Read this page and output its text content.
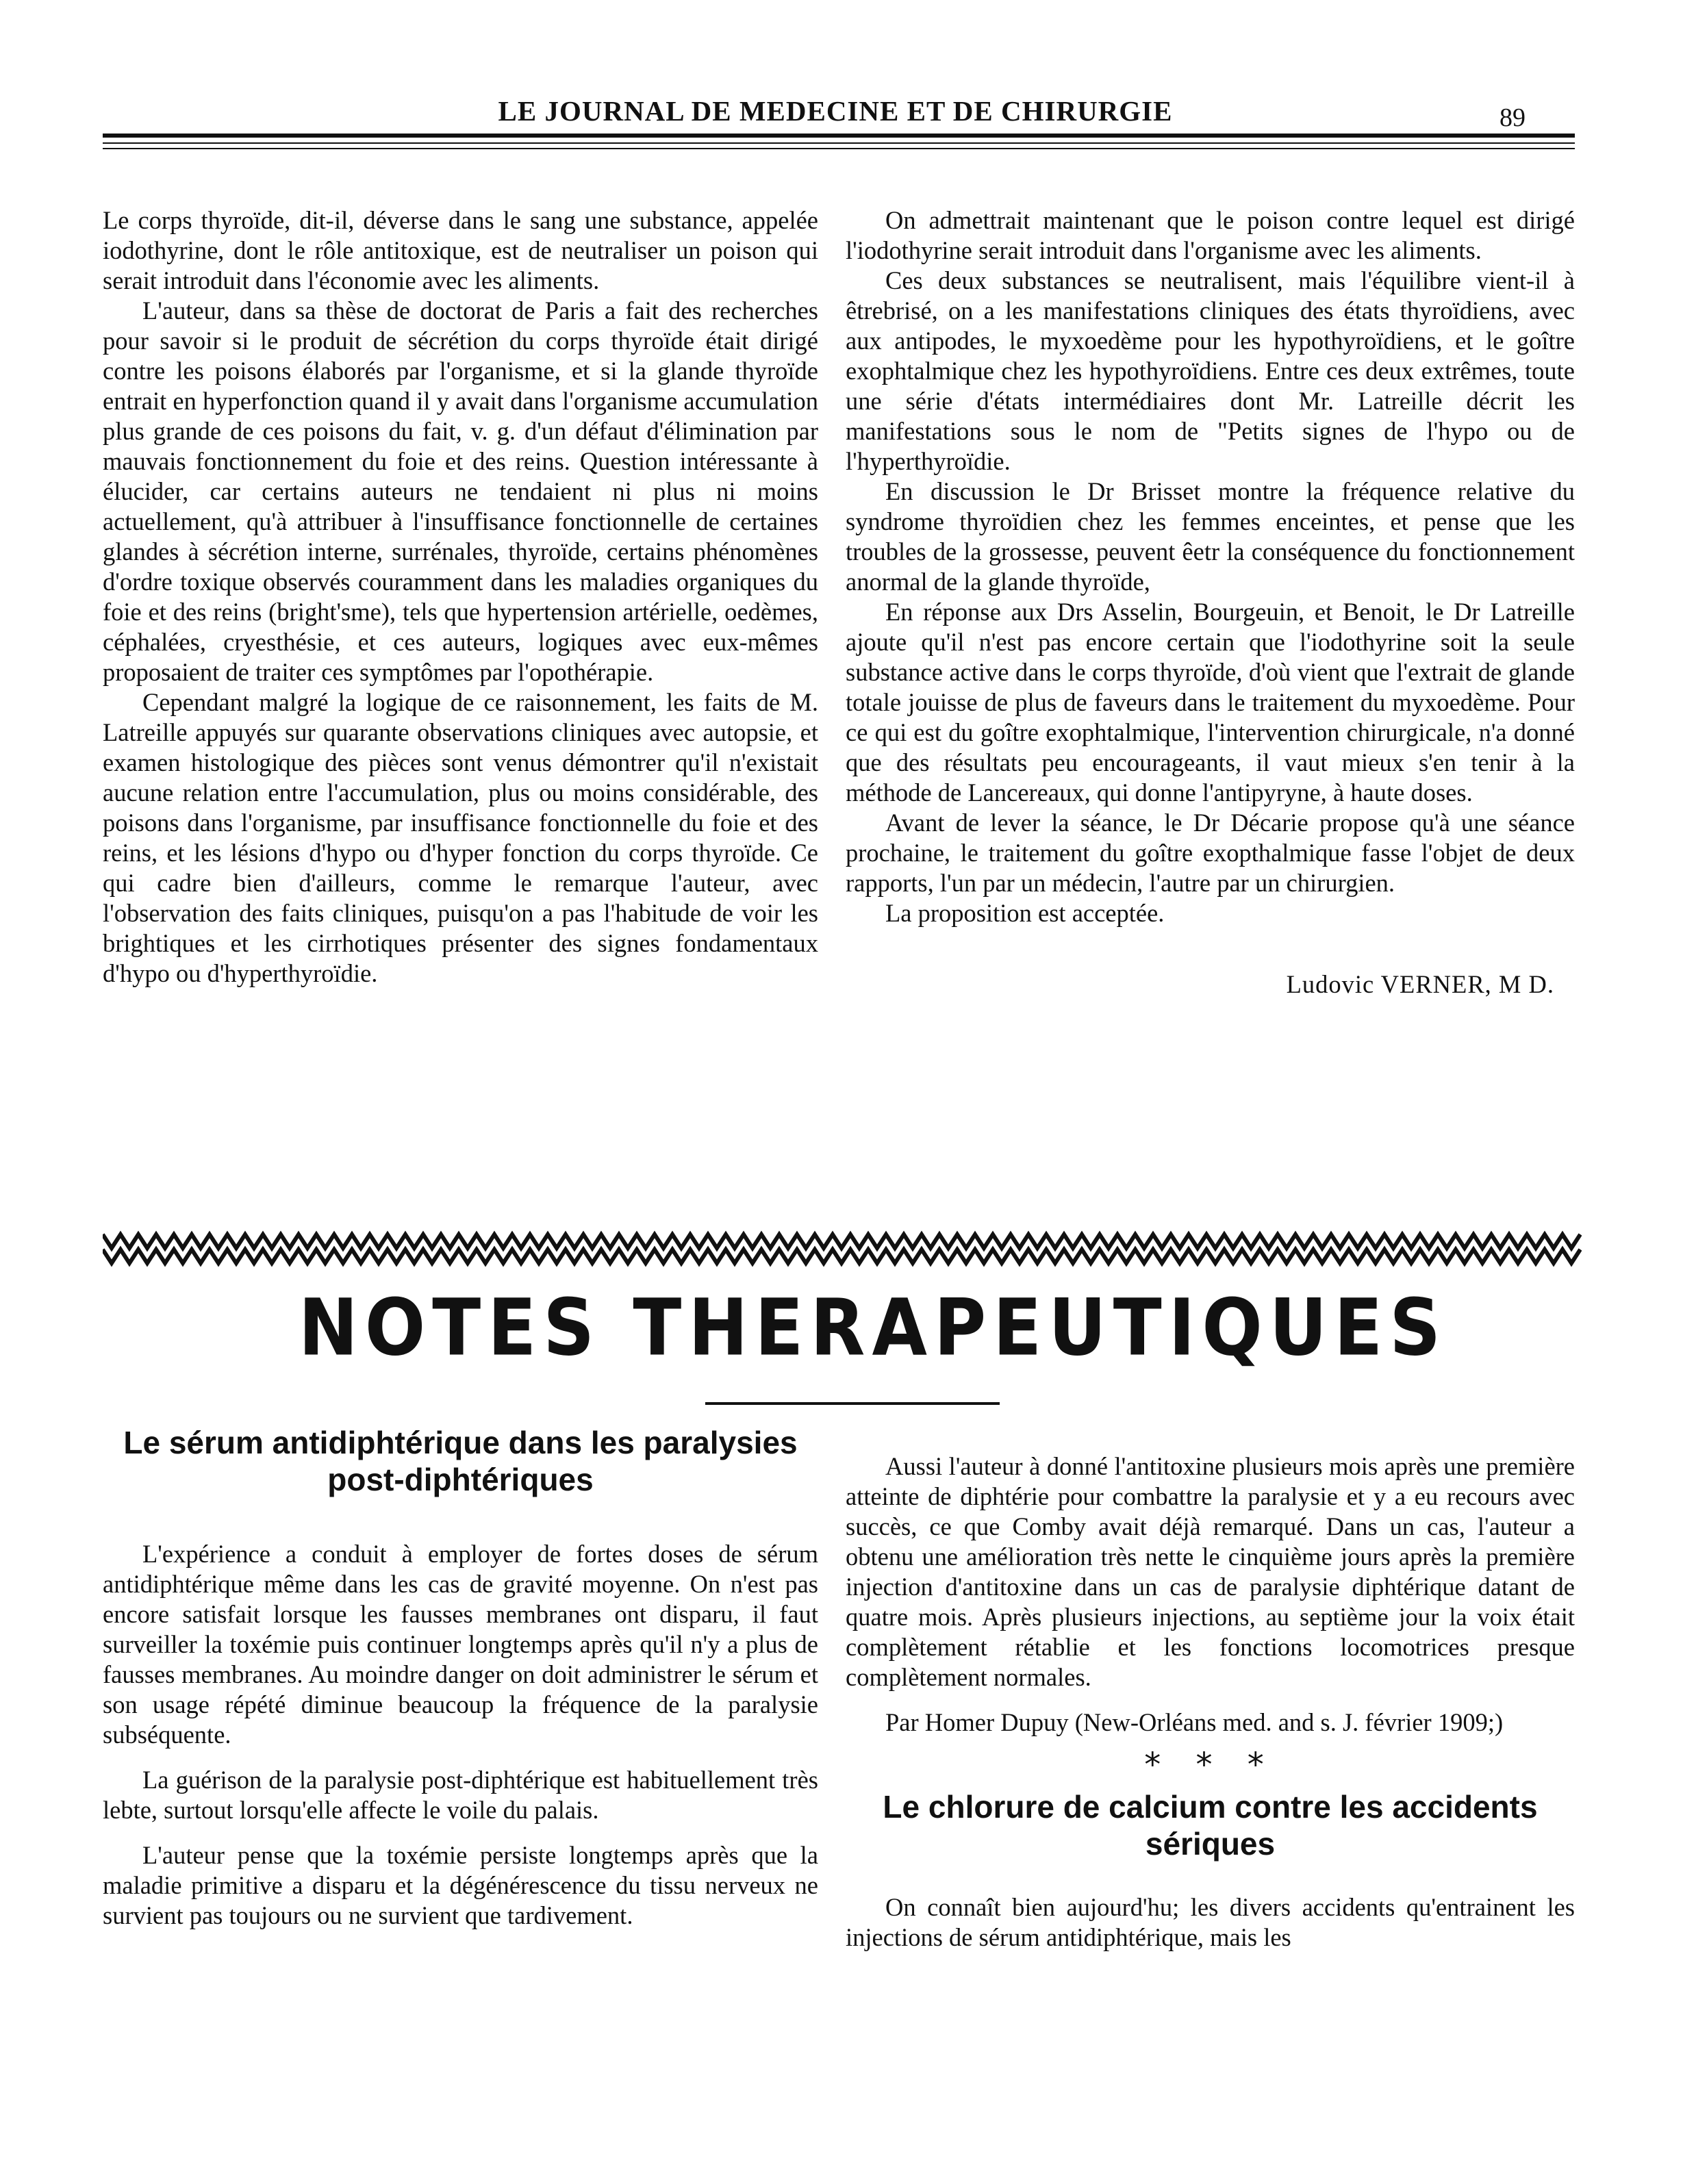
LE JOURNAL DE MEDECINE ET DE CHIRURGIE	89

Le corps thyroïde, dit-il, déverse dans le sang une substance, appelée iodothyrine, dont le rôle antitoxique, est de neutraliser un poison qui serait introduit dans l'économie avec les aliments.

L'auteur, dans sa thèse de doctorat de Paris a fait des recherches pour savoir si le produit de sécrétion du corps thyroïde était dirigé contre les poisons élaborés par l'organisme, et si la glande thyroïde entrait en hyperfonction quand il y avait dans l'organisme accumulation plus grande de ces poisons du fait, v. g. d'un défaut d'élimination par mauvais fonctionnement du foie et des reins. Question intéressante à élucider, car certains auteurs ne tendaient ni plus ni moins actuellement, qu'à attribuer à l'insuffisance fonctionnelle de certaines glandes à sécrétion interne, surrénales, thyroïde, certains phénomènes d'ordre toxique observés couramment dans les maladies organiques du foie et des reins (bright'sme), tels que hypertension artérielle, oedèmes, céphalées, cryesthésie, et ces auteurs, logiques avec eux-mêmes proposaient de traiter ces symptômes par l'opothérapie.

Cependant malgré la logique de ce raisonnement, les faits de M. Latreille appuyés sur quarante observations cliniques avec autopsie, et examen histologique des pièces sont venus démontrer qu'il n'existait aucune relation entre l'accumulation, plus ou moins considérable, des poisons dans l'organisme, par insuffisance fonctionnelle du foie et des reins, et les lésions d'hypo ou d'hyper fonction du corps thyroïde. Ce qui cadre bien d'ailleurs, comme le remarque l'auteur, avec l'observation des faits cliniques, puisqu'on a pas l'habitude de voir les brightiques et les cirrhotiques présenter des signes fondamentaux d'hypo ou d'hyperthyroïdie.

On admettrait maintenant que le poison contre lequel est dirigé l'iodothyrine serait introduit dans l'organisme avec les aliments.

Ces deux substances se neutralisent, mais l'équilibre vient-il à êtrebrisé, on a les manifestations cliniques des états thyroïdiens, avec aux antipodes, le myxoedème pour les hypothyroïdiens, et le goître exophtalmique chez les hypothyroïdiens. Entre ces deux extrêmes, toute une série d'états intermédiaires dont Mr. Latreille décrit les manifestations sous le nom de "Petits signes de l'hypo ou de l'hyperthyroïdie.

En discussion le Dr Brisset montre la fréquence relative du syndrome thyroïdien chez les femmes enceintes, et pense que les troubles de la grossesse, peuvent êetr la conséquence du fonctionnement anormal de la glande thyroïde,

En réponse aux Drs Asselin, Bourgeuin, et Benoit, le Dr Latreille ajoute qu'il n'est pas encore certain que l'iodothyrine soit la seule substance active dans le corps thyroïde, d'où vient que l'extrait de glande totale jouisse de plus de faveurs dans le traitement du myxoedème. Pour ce qui est du goître exophtalmique, l'intervention chirurgicale, n'a donné que des résultats peu encourageants, il vaut mieux s'en tenir à la méthode de Lancereaux, qui donne l'antipyryne, à haute doses.

Avant de lever la séance, le Dr Décarie propose qu'à une séance prochaine, le traitement du goître exopthalmique fasse l'objet de deux rapports, l'un par un médecin, l'autre par un chirurgien.

La proposition est acceptée.

Ludovic VERNER, M D.
NOTES THERAPEUTIQUES
Le sérum antidiphtérique dans les paralysies post-diphtériques

L'expérience a conduit à employer de fortes doses de sérum antidiphtérique même dans les cas de gravité moyenne. On n'est pas encore satisfait lorsque les fausses membranes ont disparu, il faut surveiller la toxémie puis continuer longtemps après qu'il n'y a plus de fausses membranes. Au moindre danger on doit administrer le sérum et son usage répété diminue beaucoup la fréquence de la paralysie subséquente.

La guérison de la paralysie post-diphtérique est habituellement très lebte, surtout lorsqu'elle affecte le voile du palais.

L'auteur pense que la toxémie persiste longtemps après que la maladie primitive a disparu et la dégénérescence du tissu nerveux ne survient pas toujours ou ne survient que tardivement.

Aussi l'auteur à donné l'antitoxine plusieurs mois après une première atteinte de diphtérie pour combattre la paralysie et y a eu recours avec succès, ce que Comby avait déjà remarqué. Dans un cas, l'auteur a obtenu une amélioration très nette le cinquième jours après la première injection d'antitoxine dans un cas de paralysie diphtérique datant de quatre mois. Après plusieurs injections, au septième jour la voix était complètement rétablie et les fonctions locomotrices presque complètement normales.

Par Homer Dupuy (New-Orléans med. and s. J. février 1909;)

* * *
Le chlorure de calcium contre les accidents sériques

On connaît bien aujourd'hu; les divers accidents qu'entrainent les injections de sérum antidiphtérique, mais les
